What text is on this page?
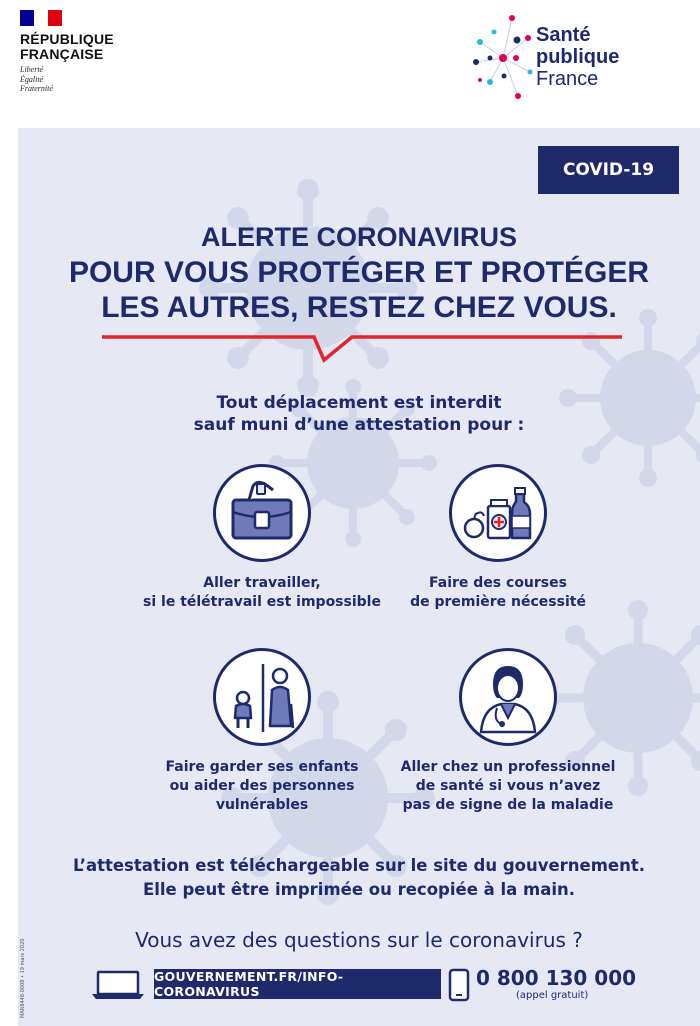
RÉPUBLIQUE
FRANÇAISE
Liberté
Égalité
Fraternité
Santé
publique
France
COVID-19
ALERTE CORONAVIRUS
POUR VOUS PROTÉGER ET PROTÉGER
LES AUTRES, RESTEZ CHEZ VOUS.
Tout déplacement est interdit
sauf muni d’une attestation pour :
Aller travailler,
si le télétravail est impossible
Faire des courses
de première nécessité
Faire garder ses enfants
ou aider des personnes
vulnérables
Aller chez un professionnel
de santé si vous n’avez
pas de signe de la maladie
L’attestation est téléchargeable sur le site du gouvernement.
Elle peut être imprimée ou recopiée à la main.
Vous avez des questions sur le coronavirus ?
GOUVERNEMENT.FR/INFO-CORONAVIRUS
0 800 130 000
(appel gratuit)
MAR8448-0008 • 19 mars 2020
